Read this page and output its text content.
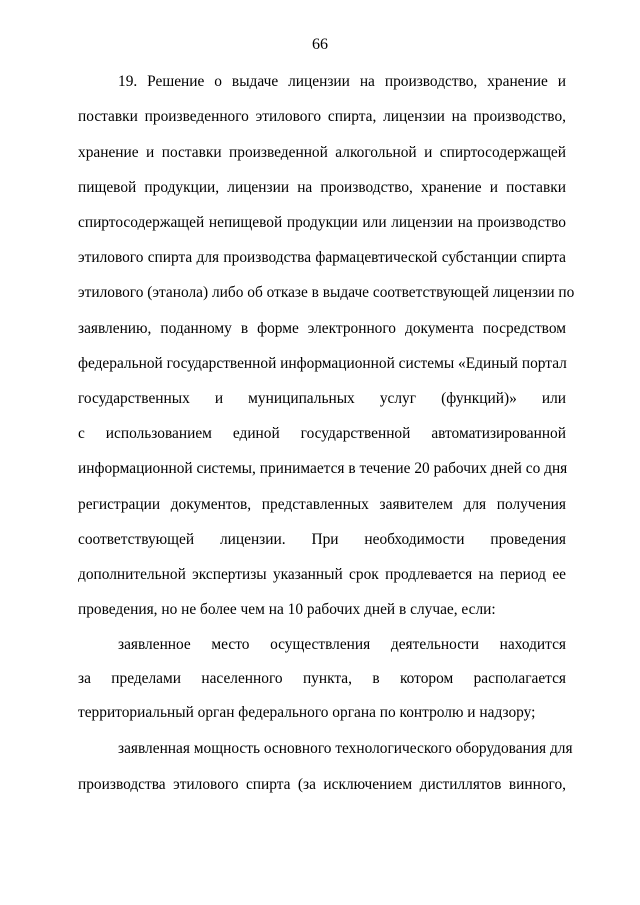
66
19. Решение о выдаче лицензии на производство, хранение и
поставки произведенного этилового спирта, лицензии на производство,
хранение и поставки произведенной алкогольной и спиртосодержащей
пищевой продукции, лицензии на производство, хранение и поставки
спиртосодержащей непищевой продукции или лицензии на производство
этилового спирта для производства фармацевтической субстанции спирта
этилового (этанола) либо об отказе в выдаче соответствующей лицензии по
заявлению, поданному в форме электронного документа посредством
федеральной государственной информационной системы «Единый портал
государственных и муниципальных услуг (функций)» или
с использованием единой государственной автоматизированной
информационной системы, принимается в течение 20 рабочих дней со дня
регистрации документов, представленных заявителем для получения
соответствующей лицензии. При необходимости проведения
дополнительной экспертизы указанный срок продлевается на период ее
проведения, но не более чем на 10 рабочих дней в случае, если:
заявленное место осуществления деятельности находится
за пределами населенного пункта, в котором располагается
территориальный орган федерального органа по контролю и надзору;
заявленная мощность основного технологического оборудования для
производства этилового спирта (за исключением дистиллятов винного,
